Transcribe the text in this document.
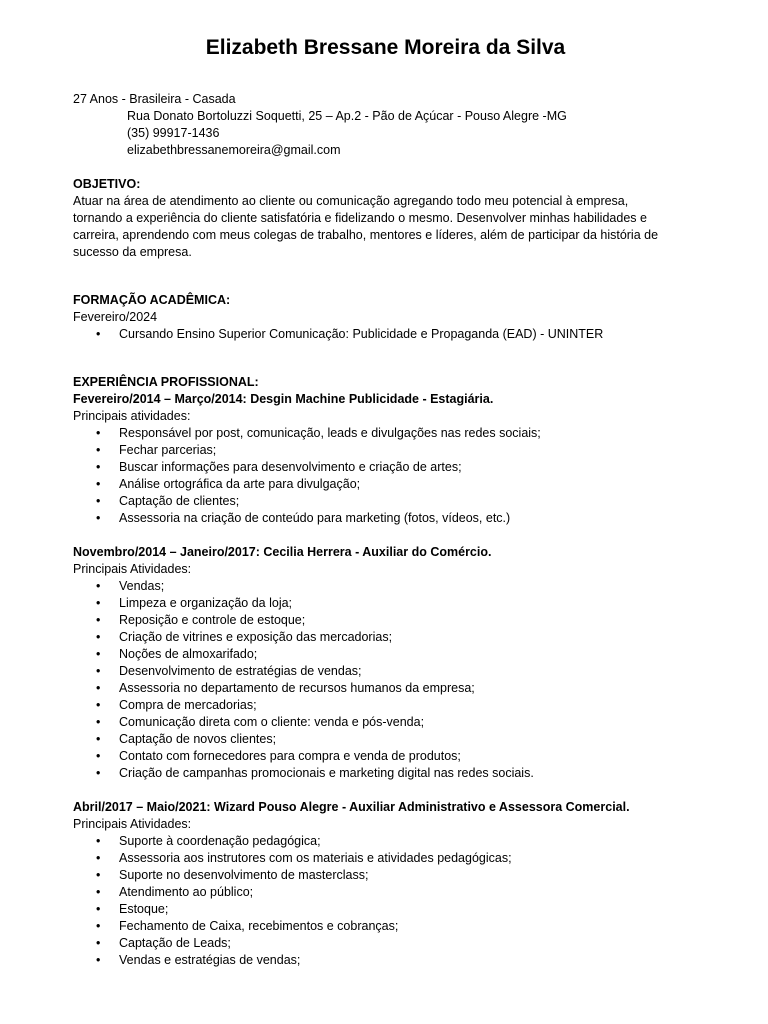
Elizabeth Bressane Moreira da Silva
27 Anos - Brasileira - Casada
Rua Donato Bortoluzzi Soquetti, 25 – Ap.2 - Pão de Açúcar - Pouso Alegre -MG
(35) 99917-1436
elizabethbressanemoreira@gmail.com
OBJETIVO:
Atuar na área de atendimento ao cliente ou comunicação agregando todo meu potencial à empresa,
tornando a experiência do cliente satisfatória e fidelizando o mesmo. Desenvolver minhas habilidades e
carreira, aprendendo com meus colegas de trabalho, mentores e líderes, além de participar da história de
sucesso da empresa.
FORMAÇÃO ACADÊMICA:
Fevereiro/2024
• Cursando Ensino Superior Comunicação: Publicidade e Propaganda (EAD) - UNINTER
EXPERIÊNCIA PROFISSIONAL:
Fevereiro/2014 – Março/2014: Desgin Machine Publicidade - Estagiária.
Principais atividades:
• Responsável por post, comunicação, leads e divulgações nas redes sociais;
• Fechar parcerias;
• Buscar informações para desenvolvimento e criação de artes;
• Análise ortográfica da arte para divulgação;
• Captação de clientes;
• Assessoria na criação de conteúdo para marketing (fotos, vídeos, etc.)
Novembro/2014 – Janeiro/2017: Cecilia Herrera - Auxiliar do Comércio.
Principais Atividades:
• Vendas;
• Limpeza e organização da loja;
• Reposição e controle de estoque;
• Criação de vitrines e exposição das mercadorias;
• Noções de almoxarifado;
• Desenvolvimento de estratégias de vendas;
• Assessoria no departamento de recursos humanos da empresa;
• Compra de mercadorias;
• Comunicação direta com o cliente: venda e pós-venda;
• Captação de novos clientes;
• Contato com fornecedores para compra e venda de produtos;
• Criação de campanhas promocionais e marketing digital nas redes sociais.
Abril/2017 – Maio/2021: Wizard Pouso Alegre - Auxiliar Administrativo e Assessora Comercial.
Principais Atividades:
• Suporte à coordenação pedagógica;
• Assessoria aos instrutores com os materiais e atividades pedagógicas;
• Suporte no desenvolvimento de masterclass;
• Atendimento ao público;
• Estoque;
• Fechamento de Caixa, recebimentos e cobranças;
• Captação de Leads;
• Vendas e estratégias de vendas;
